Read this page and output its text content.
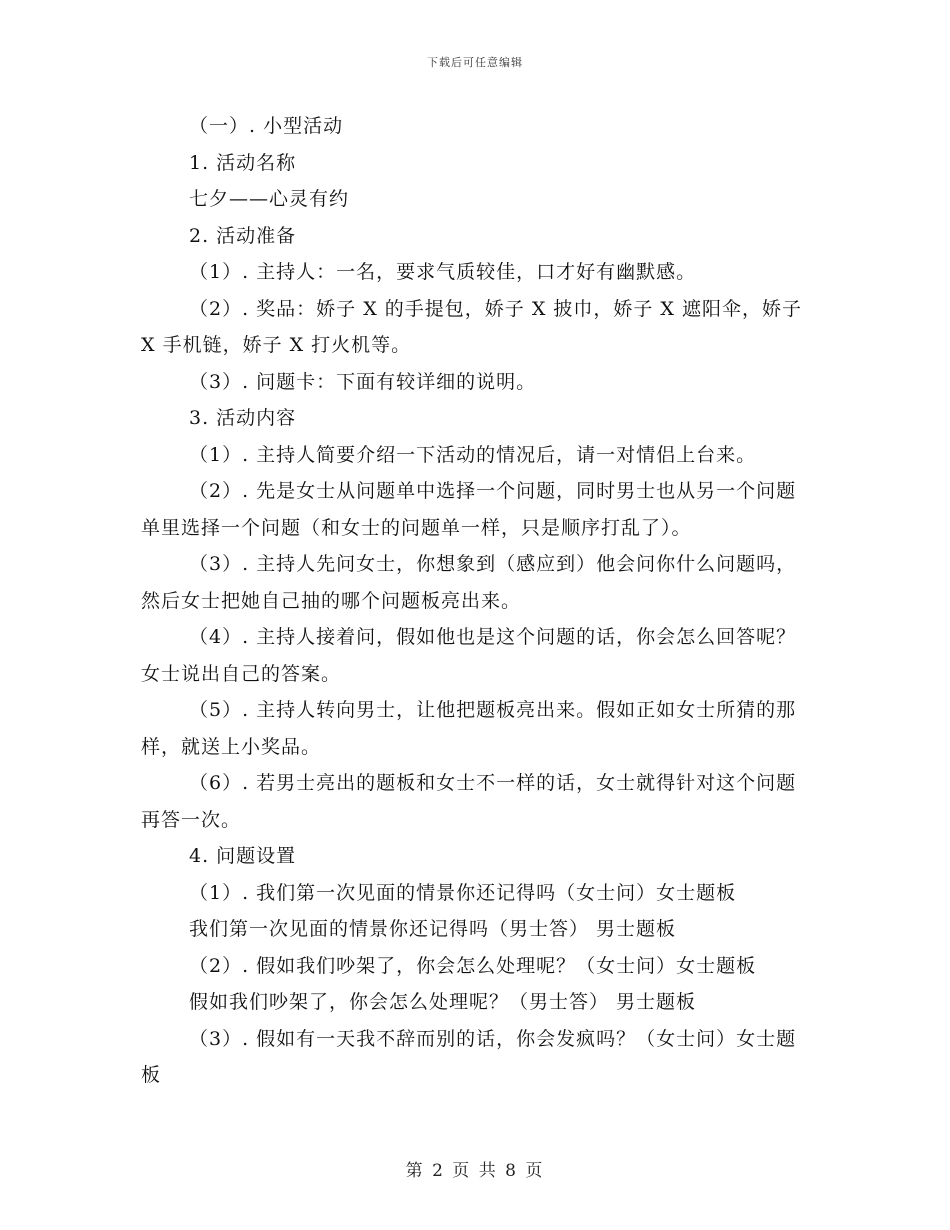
下载后可任意编辑

（一）. 小型活动

1. 活动名称

七夕——心灵有约

2. 活动准备

（1）. 主持人：一名，要求气质较佳，口才好有幽默感。

（2）. 奖品：娇子 X 的手提包，娇子 X 披巾，娇子 X 遮阳伞，娇子 X 手机链，娇子 X 打火机等。

（3）. 问题卡：下面有较详细的说明。

3. 活动内容

（1）. 主持人简要介绍一下活动的情况后，请一对情侣上台来。

（2）. 先是女士从问题单中选择一个问题，同时男士也从另一个问题单里选择一个问题（和女士的问题单一样，只是顺序打乱了）。

（3）. 主持人先问女士，你想象到（感应到）他会问你什么问题吗，然后女士把她自己抽的哪个问题板亮出来。

（4）. 主持人接着问，假如他也是这个问题的话，你会怎么回答呢？女士说出自己的答案。

（5）. 主持人转向男士，让他把题板亮出来。假如正如女士所猜的那样，就送上小奖品。

（6）. 若男士亮出的题板和女士不一样的话，女士就得针对这个问题再答一次。

4. 问题设置

（1）. 我们第一次见面的情景你还记得吗（女士问）女士题板

我们第一次见面的情景你还记得吗（男士答） 男士题板

（2）. 假如我们吵架了，你会怎么处理呢？（女士问）女士题板

假如我们吵架了，你会怎么处理呢？（男士答） 男士题板

（3）. 假如有一天我不辞而别的话，你会发疯吗？（女士问）女士题板

第 2 页 共 8 页
